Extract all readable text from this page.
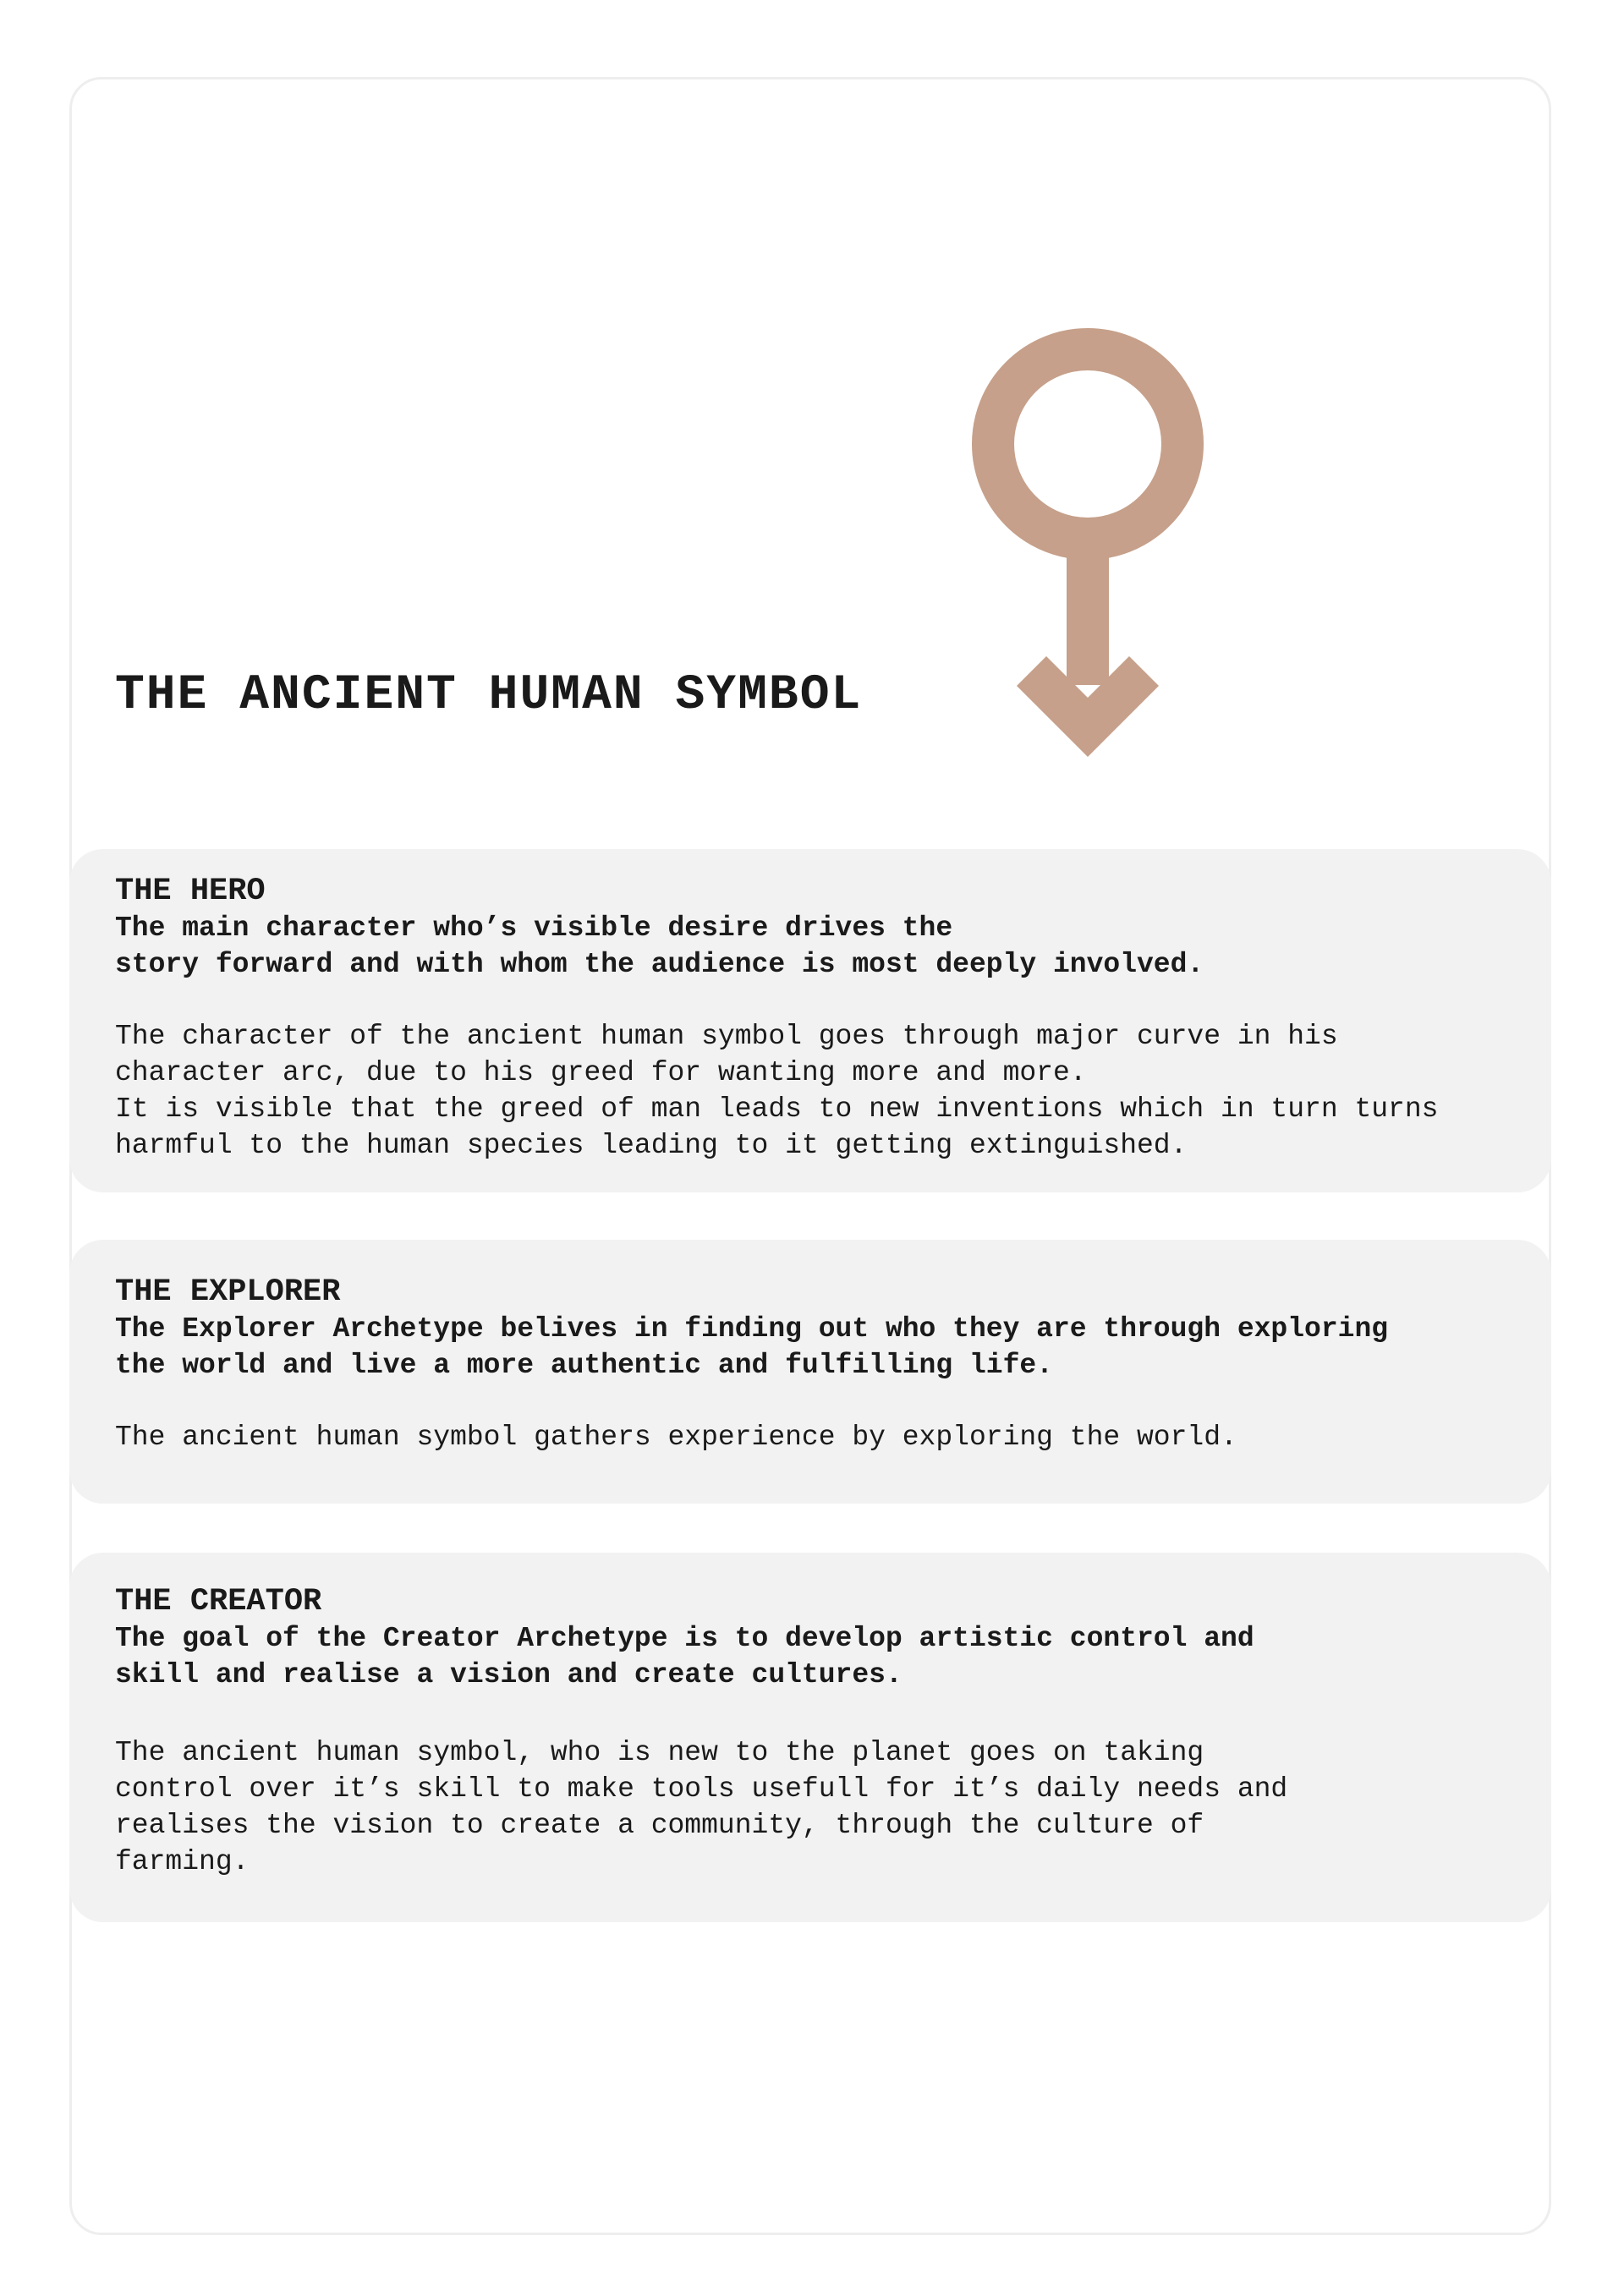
THE ANCIENT HUMAN SYMBOL
THE HERO

The main character who’s visible desire drives the
story forward and with whom the audience is most deeply involved.

The character of the ancient human symbol goes through major curve in his
character arc, due to his greed for wanting more and more.
It is visible that the greed of man leads to new inventions which in turn turns
harmful to the human species leading to it getting extinguished.

THE EXPLORER

The Explorer Archetype belives in finding out who they are through exploring
the world and live a more authentic and fulfilling life.

The ancient human symbol gathers experience by exploring the world.

THE CREATOR

The goal of the Creator Archetype is to develop artistic control and
skill and realise a vision and create cultures.

The ancient human symbol, who is new to the planet goes on taking
control over it’s skill to make tools usefull for it’s daily needs and
realises the vision to create a community, through the culture of
farming.
